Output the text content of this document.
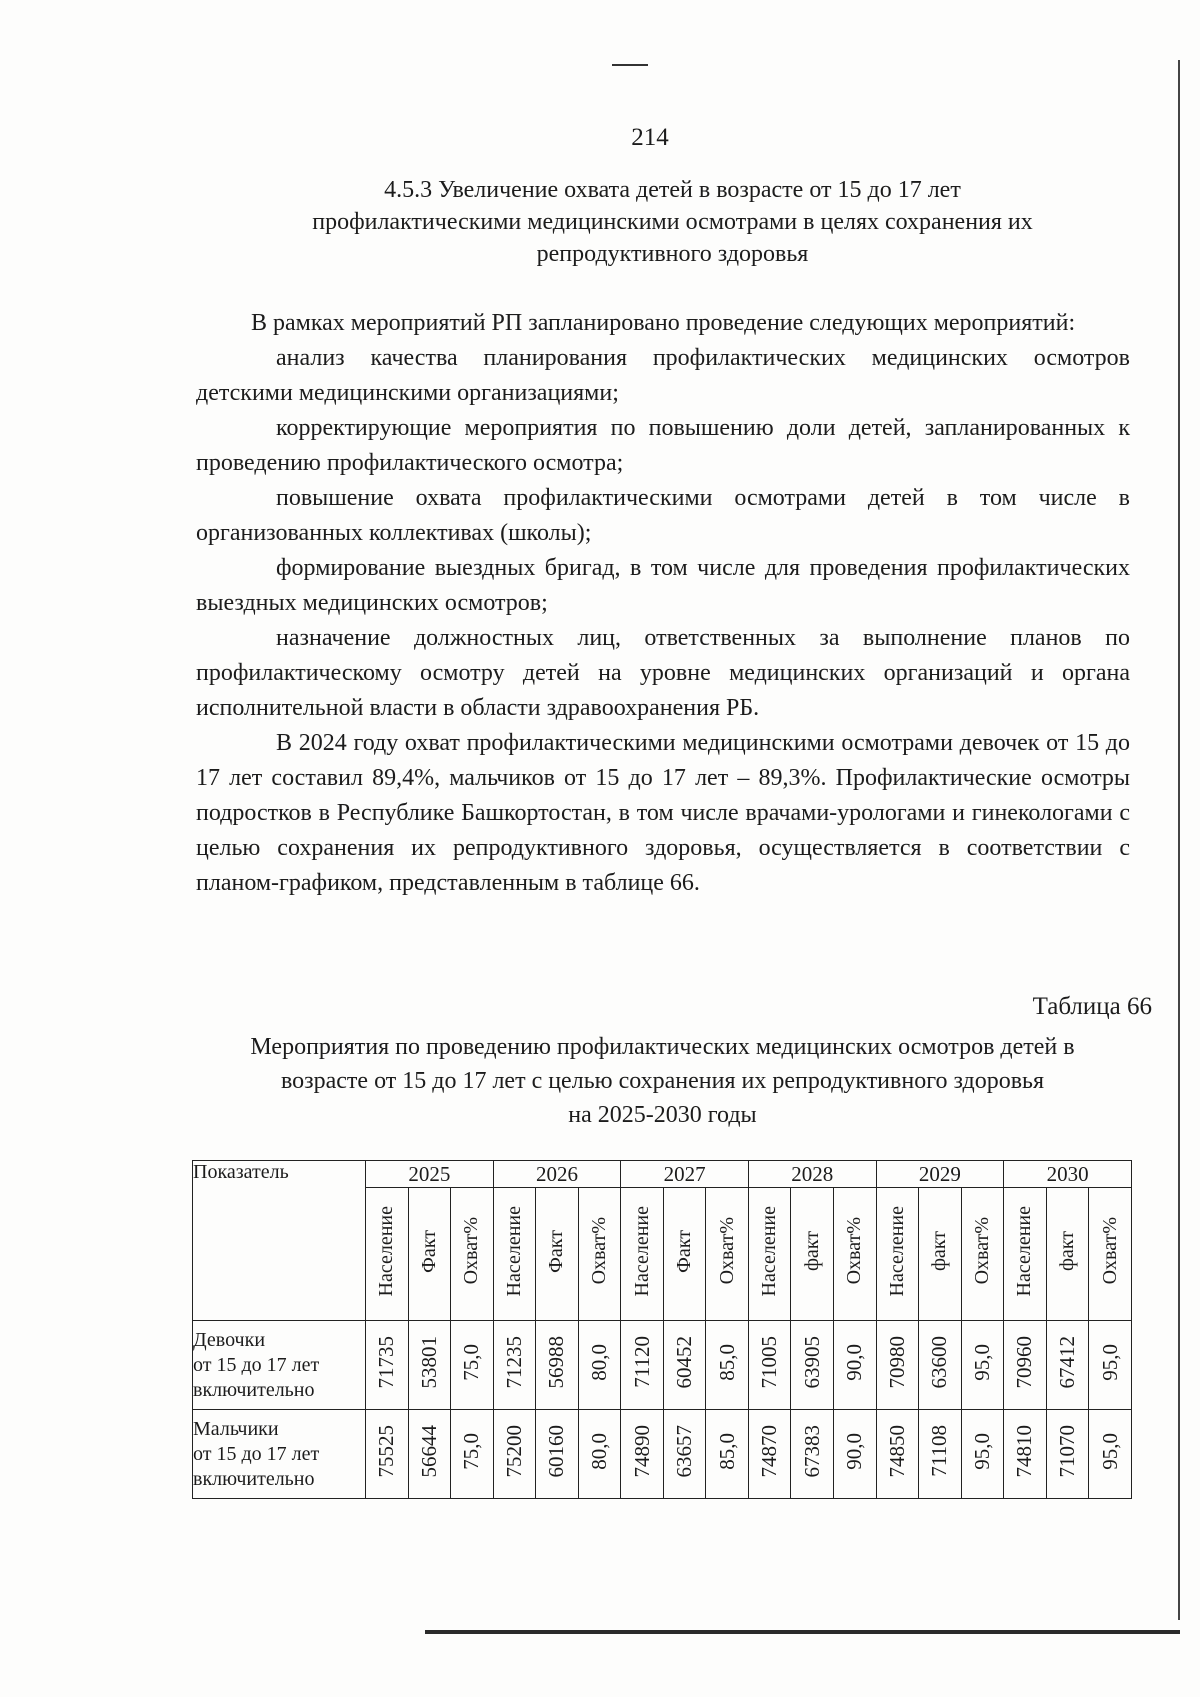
214
4.5.3 Увеличение охвата детей в возрасте от 15 до 17 лет
профилактическими медицинскими осмотрами в целях сохранения их
репродуктивного здоровья

В рамках мероприятий РП запланировано проведение следующих мероприятий:

анализ качества планирования профилактических медицинских осмотров детскими медицинскими организациями;

корректирующие мероприятия по повышению доли детей, запланированных к проведению профилактического осмотра;

повышение охвата профилактическими осмотрами детей в том числе в организованных коллективах (школы);

формирование выездных бригад, в том числе для проведения профилактических выездных медицинских осмотров;

назначение должностных лиц, ответственных за выполнение планов по профилактическому осмотру детей на уровне медицинских организаций и органа исполнительной власти в области здравоохранения РБ.

В 2024 году охват профилактическими медицинскими осмотрами девочек от 15 до 17 лет составил 89,4%, мальчиков от 15 до 17 лет – 89,3%. Профилактические осмотры подростков в Республике Башкортостан, в том числе врачами-урологами и гинекологами с целью сохранения их репродуктивного здоровья, осуществляется в соответствии с планом-графиком, представленным в таблице 66.

Таблица 66
Мероприятия по проведению профилактических медицинских осмотров детей в
возрасте от 15 до 17 лет с целью сохранения их репродуктивного здоровья
на 2025-2030 годы
Показатель	2025			2026			2027			2028			2029			2030		
	Население	Факт	Охват%	Население	Факт	Охват%	Население	Факт	Охват%	Население	факт	Охват%	Население	факт	Охват%	Население	факт	Охват%

Девочки
от 15 до 17 лет
включительно	71735	53801	75,0	71235	56988	80,0	71120	60452	85,0	71005	63905	90,0	70980	63600	95,0	70960	67412	95,0

Мальчики
от 15 до 17 лет
включительно	75525	56644	75,0	75200	60160	80,0	74890	63657	85,0	74870	67383	90,0	74850	71108	95,0	74810	71070	95,0
